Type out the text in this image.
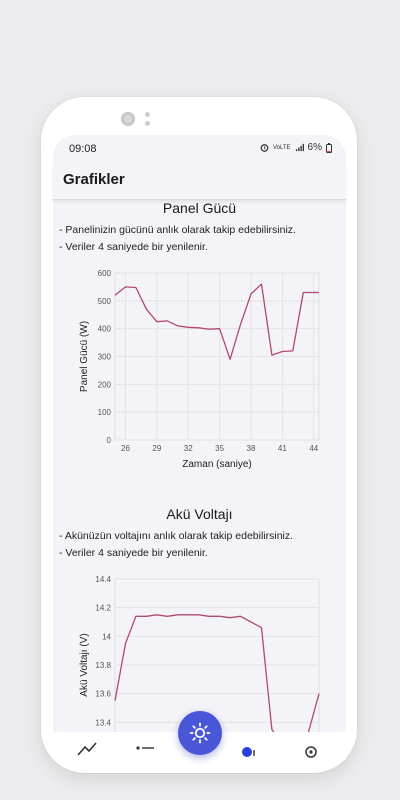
09:08	VoLTE 6%
Grafikler
Panel Gücü
- Panelinizin gücünü anlık olarak takip edebilirsiniz.
- Veriler 4 saniyede bir yenilenir.
0
100
200
300
400
500
600
26	29	32	35	38	41	44
Zaman (saniye)
Panel Gücü (W)
Akü Voltajı
- Akünüzün voltajını anlık olarak takip edebilirsiniz.
- Veriler 4 saniyede bir yenilenir.
13.4
13.6
13.8
14
14.2
14.4
Akü Voltajı (V)
